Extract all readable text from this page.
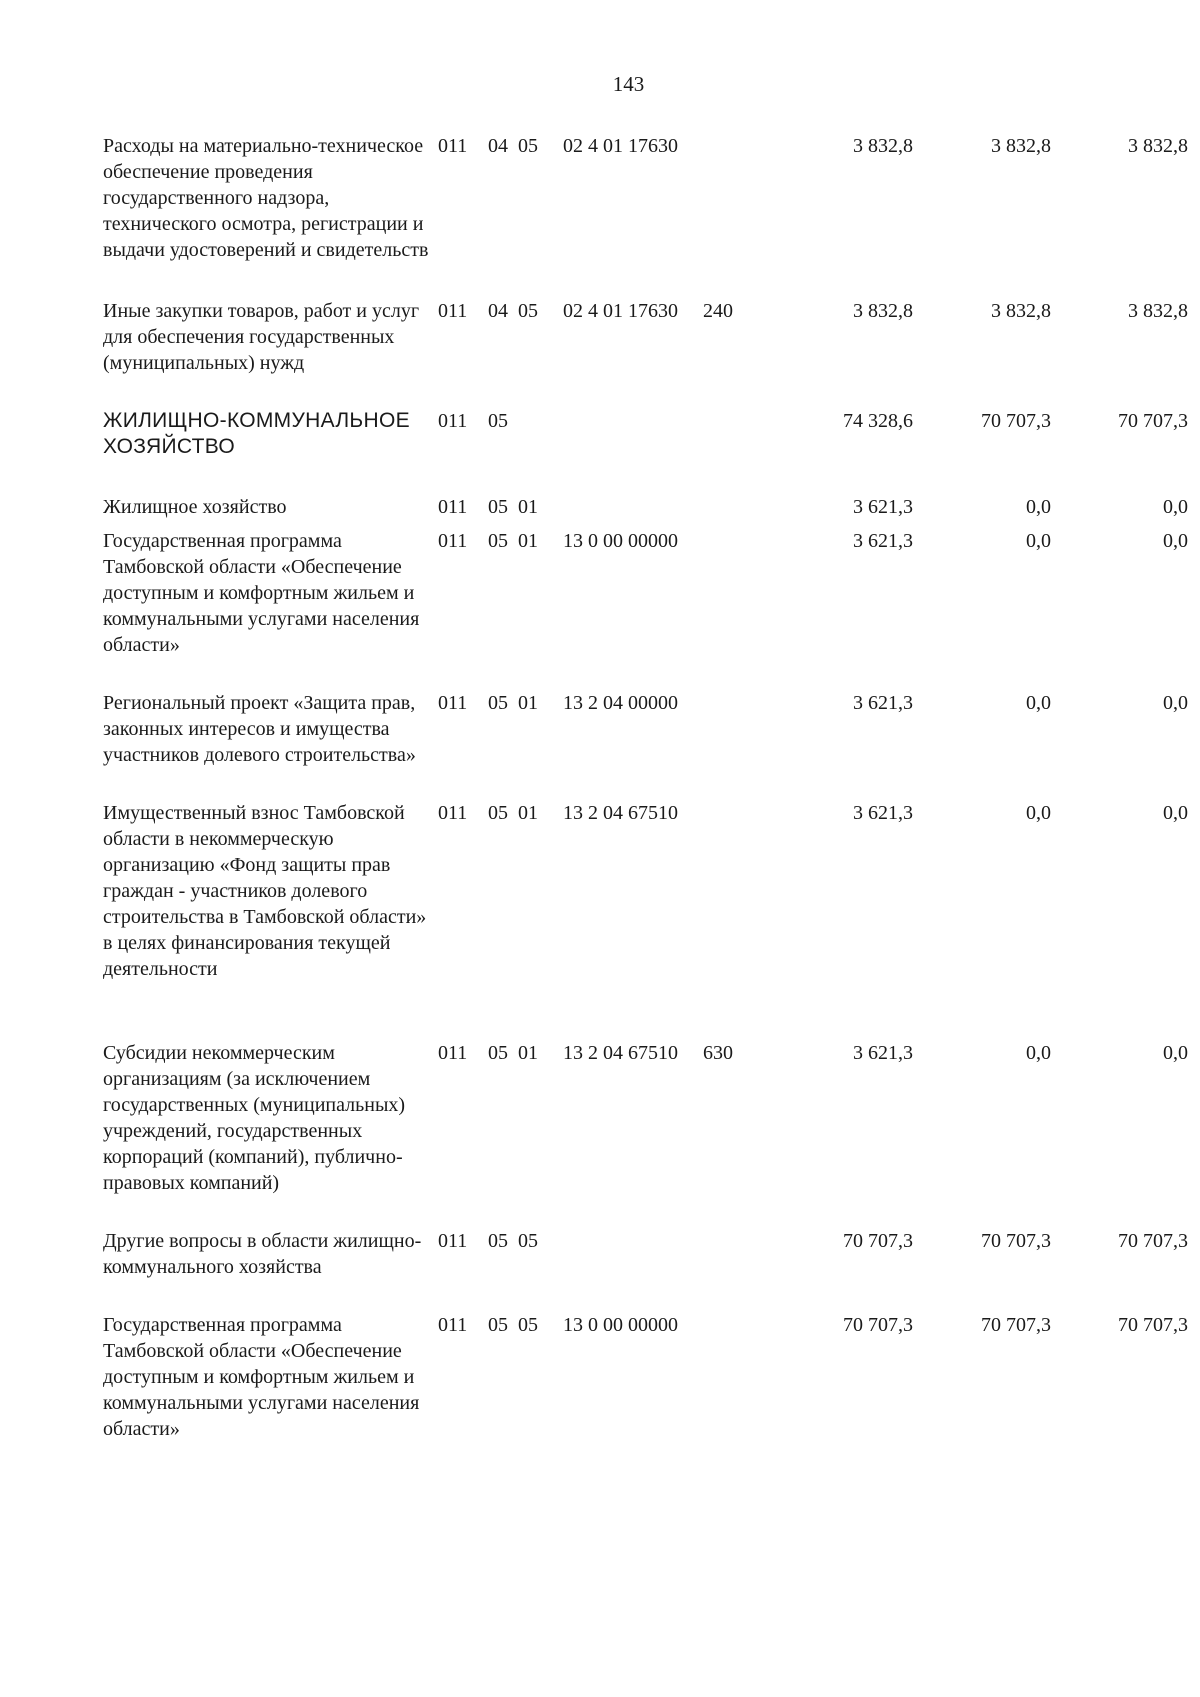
143
Расходы на материально-техническое обеспечение проведения государственного надзора, технического осмотра, регистрации и выдачи удостоверений и свидетельств
011 04 05 02 4 01 17630	3 832,8	3 832,8	3 832,8
Иные закупки товаров, работ и услуг для обеспечения государственных (муниципальных) нужд
011 04 05 02 4 01 17630 240	3 832,8	3 832,8	3 832,8
ЖИЛИЩНО-КОММУНАЛЬНОЕ ХОЗЯЙСТВО
011 05	74 328,6	70 707,3	70 707,3
Жилищное хозяйство	011 05 01	3 621,3	0,0	0,0
Государственная программа Тамбовской области «Обеспечение доступным и комфортным жильем и коммунальными услугами населения области»
011 05 01 13 0 00 00000	3 621,3	0,0	0,0
Региональный проект «Защита прав, законных интересов и имущества участников долевого строительства»
011 05 01 13 2 04 00000	3 621,3	0,0	0,0
Имущественный взнос Тамбовской области в некоммерческую организацию «Фонд защиты прав граждан - участников долевого строительства в Тамбовской области» в целях финансирования текущей деятельности
011 05 01 13 2 04 67510	3 621,3	0,0	0,0
Субсидии некоммерческим организациям (за исключением государственных (муниципальных) учреждений, государственных корпораций (компаний), публично-правовых компаний)
011 05 01 13 2 04 67510 630	3 621,3	0,0	0,0
Другие вопросы в области жилищно-коммунального хозяйства
011 05 05	70 707,3	70 707,3	70 707,3
Государственная программа Тамбовской области «Обеспечение доступным и комфортным жильем и коммунальными услугами населения области»
011 05 05 13 0 00 00000	70 707,3	70 707,3	70 707,3
